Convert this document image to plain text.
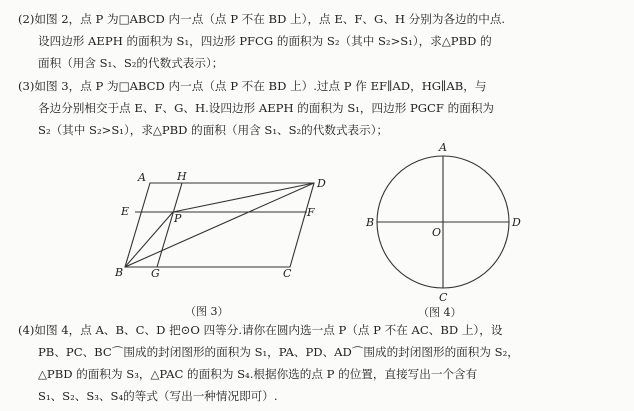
(2)如图 2，点 P 为□ABCD 内一点（点 P 不在 BD 上），点 E、F、G、H 分别为各边的中点.
设四边形 AEPH 的面积为 S₁，四边形 PFCG 的面积为 S₂（其中 S₂>S₁），求△PBD 的
面积（用含 S₁、S₂的代数式表示）；
(3)如图 3，点 P 为□ABCD 内一点（点 P 不在 BD 上）.过点 P 作 EF∥AD，HG∥AB，与
各边分别相交于点 E、F、G、H.设四边形 AEPH 的面积为 S₁，四边形 PGCF 的面积为
S₂（其中 S₂>S₁），求△PBD 的面积（用含 S₁、S₂的代数式表示）；
A	H
D
E
P	F
B	G	C
（图 3）
A
B
O
D
C
（图 4）
(4)如图 4，点 A、B、C、D 把⊙O 四等分.请你在圆内选一点 P（点 P 不在 AC、BD 上），设
PB、PC、BC⌒围成的封闭图形的面积为 S₁，PA、PD、AD⌒围成的封闭图形的面积为 S₂，
△PBD 的面积为 S₃，△PAC 的面积为 S₄.根据你选的点 P 的位置，直接写出一个含有
S₁、S₂、S₃、S₄的等式（写出一种情况即可）.
